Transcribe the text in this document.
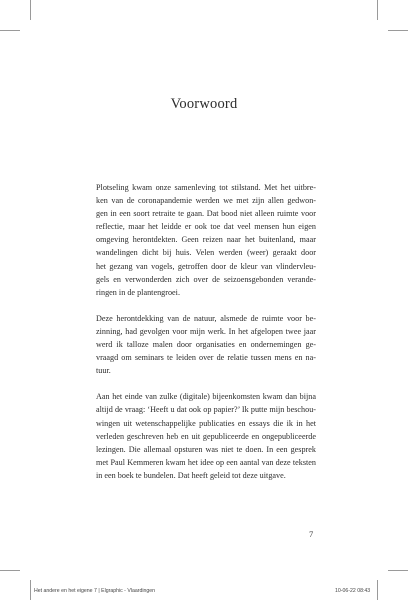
Voorwoord
Plotseling kwam onze samenleving tot stilstand. Met het uitbre-
ken van de coronapandemie werden we met zijn allen gedwon-
gen in een soort retraite te gaan. Dat bood niet alleen ruimte voor
reflectie, maar het leidde er ook toe dat veel mensen hun eigen
omgeving herontdekten. Geen reizen naar het buitenland, maar
wandelingen dicht bij huis. Velen werden (weer) geraakt door
het gezang van vogels, getroffen door de kleur van vlindervleu-
gels en verwonderden zich over de seizoensgebonden verande-
ringen in de plantengroei.
Deze herontdekking van de natuur, alsmede de ruimte voor be-
zinning, had gevolgen voor mijn werk. In het afgelopen twee jaar
werd ik talloze malen door organisaties en ondernemingen ge-
vraagd om seminars te leiden over de relatie tussen mens en na-
tuur.
Aan het einde van zulke (digitale) bijeenkomsten kwam dan bijna
altijd de vraag: ‘Heeft u dat ook op papier?’ Ik putte mijn beschou-
wingen uit wetenschappelijke publicaties en essays die ik in het
verleden geschreven heb en uit gepubliceerde en ongepubliceerde
lezingen. Die allemaal opsturen was niet te doen. In een gesprek
met Paul Kemmeren kwam het idee op een aantal van deze teksten
in een boek te bundelen. Dat heeft geleid tot deze uitgave.
7
Het andere en het eigene 7 | Elgraphic - Vlaardingen	10-06-22 08:43
